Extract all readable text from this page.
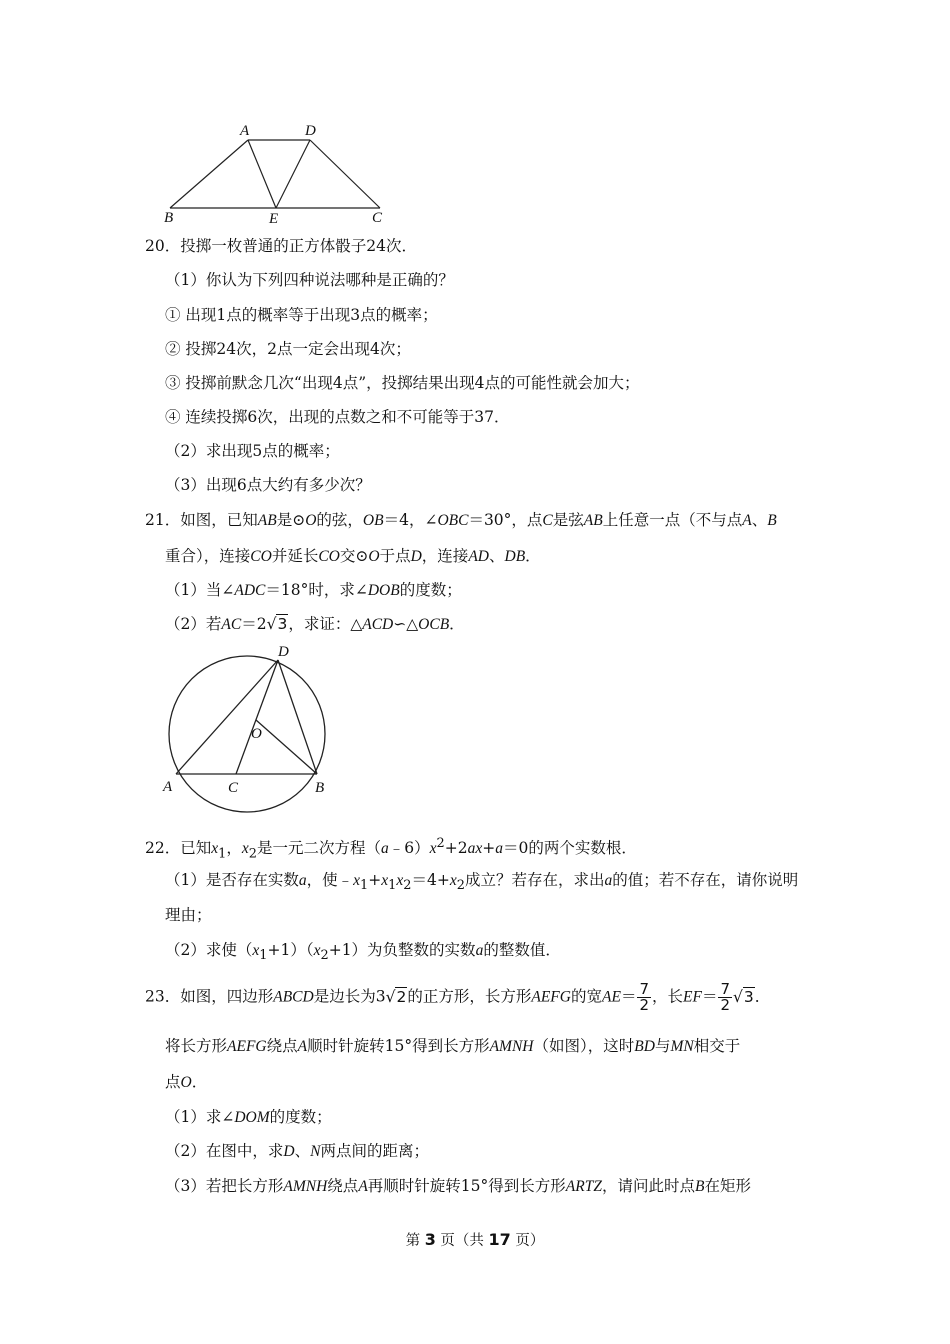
A	D
B	E	C
20．投掷一枚普通的正方体骰子24次．
（1）你认为下列四种说法哪种是正确的？
① 出现1点的概率等于出现3点的概率；
② 投掷24次，2点一定会出现4次；
③ 投掷前默念几次“出现4点”，投掷结果出现4点的可能性就会加大；
④ 连续投掷6次，出现的点数之和不可能等于37．
（2）求出现5点的概率；
（3）出现6点大约有多少次？
21．如图，已知AB是⊙O的弦，OB＝4，∠OBC＝30°，点C是弦AB上任意一点（不与点A、B
重合），连接CO并延长CO交⊙O于点D，连接AD、DB．
（1）当∠ADC＝18°时，求∠DOB的度数；
（2）若AC＝2√3，求证：△ACD∽△OCB．
D
O
A	C	B
22．已知$x_1$，$x_2$是一元二次方程$(a﹣6)x^2+2ax+a=0$的两个实数根．
（1）是否存在实数a，使$﹣x_1+x_1x_2=4+x_2$成立？若存在，求出a的值；若不存在，请你说明
理由；
（2）求使$(x_1+1)(x_2+1)$为负整数的实数a的整数值．
23．如图，四边形ABCD是边长为3√2的正方形，长方形AEFG的宽$AE= \frac{7}{2}$ ，长$EF= \frac{7}{2} √3$．
将长方形AEFG绕点A顺时针旋转15°得到长方形AMNH（如图），这时BD与MN相交于
点O．
（1）求∠DOM的度数；
（2）在图中，求D、N两点间的距离；
（3）若把长方形AMNH绕点A再顺时针旋转15°得到长方形ARTZ，请问此时点B在矩形
第 3 页（共 17 页）
